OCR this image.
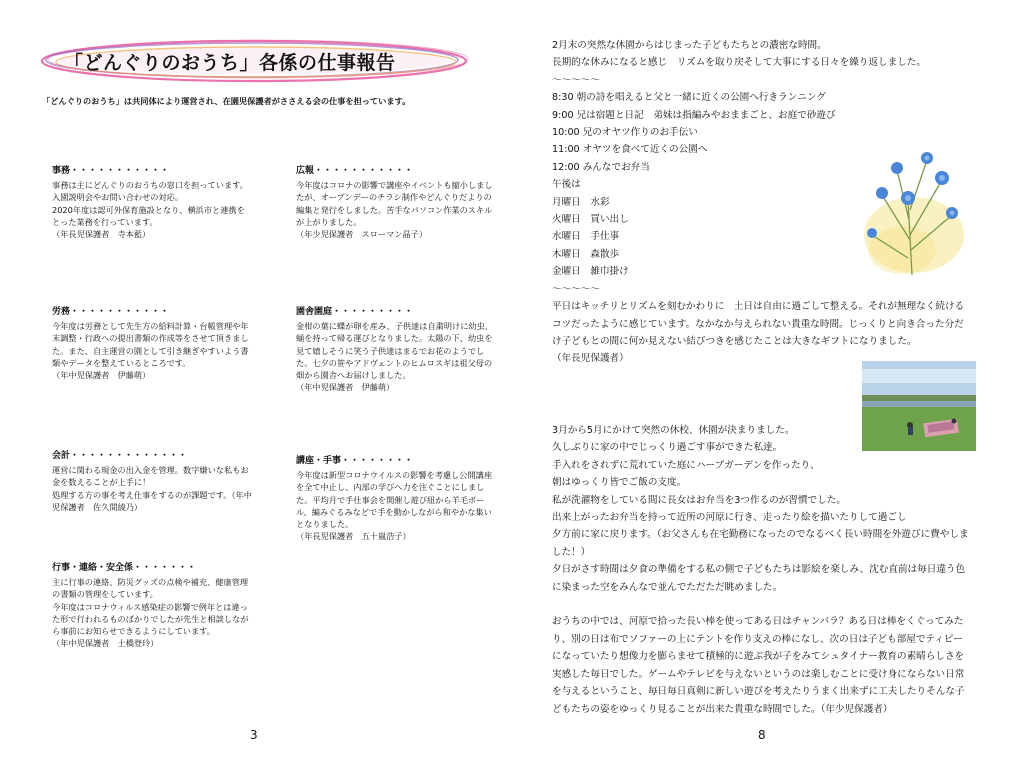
「どんぐりのおうち」各係の仕事報告
「どんぐりのおうち」は共同体により運営され、在園児保護者がささえる会の仕事を担っています。
事務・・・・・・・・・・・
事務は主にどんぐりのおうちの窓口を担っています。
入園説明会やお問い合わせの対応。
2020年度は認可外保育施設となり、横浜市と連携をとった業務を行っています。
（年長児保護者　寺本藍）
広報・・・・・・・・・・・
今年度はコロナの影響で講座やイベントも縮小しましたが、オープンデーのチラシ制作やどんぐりだよりの編集と発行をしました。苦手なパソコン作業のスキルが上がりました。
（年少児保護者　スローマン晶子）
労務・・・・・・・・・・・
今年度は労務として先生方の給料計算・台帳管理や年末調整・行政への提出書類の作成等をさせて頂きました。また、自主運営の園として引き継ぎやすいよう書類やデータを整えているところです。
（年中児保護者　伊藤萌）
園舎園庭・・・・・・・・・
金柑の葉に蝶が卵を産み、子供達は自粛明けに幼虫、蛹を持って帰る運びとなりました。太陽の下、幼虫を見て嬉しそうに笑う子供達はまるでお花のようでした。七夕の笹やアドヴェントのヒムロスギは祖父母の畑から園舎へお届けしました。
（年中児保護者　伊藤萌）
会計・・・・・・・・・・・・・
運営に関わる現金の出入金を管理。数字嫌いな私もお金を数えることが上手に！
処理する方の事を考え仕事をするのが課題です。（年中児保護者　佐久間綾乃）
講座・手事・・・・・・・・
今年度は新型コロナウイルスの影響を考慮し公開講座を全て中止し、内部の学びへ力を注ぐことにしました。平均月で手仕事会を開催し遊び紐から羊毛ボール、編みぐるみなどで手を動かしながら和やかな集いとなりました。
（年長児保護者　五十嵐浩子）
行事・連絡・安全係・・・・・・・
主に行事の連絡、防災グッズの点検や補充、健康管理の書類の管理をしています。
今年度はコロナウィルス感染症の影響で例年とは違った形で行われるものばかりでしたが先生と相談しながら事前にお知らせできるようにしています。
（年中児保護者　土橋登玲）
3
2月末の突然な休園からはじまった子どもたちとの濃密な時間。
長期的な休みになると感じ　リズムを取り戻そして大事にする日々を繰り返しました。
～～～～～
8:30 朝の詩を唱えると父と一緒に近くの公園へ行きランニング
9:00 兄は宿題と日記　弟妹は指編みやおままごと、お庭で砂遊び
10:00 兄のオヤツ作りのお手伝い
11:00 オヤツを食べて近くの公園へ
12:00 みんなでお弁当
午後は
月曜日　水彩
火曜日　買い出し
水曜日　手仕事
木曜日　森散歩
金曜日　雑巾掛け
～～～～～
平日はキッチリとリズムを刻むかわりに　土日は自由に過ごして整える。それが無理なく続けるコツだったように感じています。なかなか与えられない貴重な時間。じっくりと向き合った分だけ子どもとの間に何か見えない結びつきを感じたことは大きなギフトになりました。
（年長児保護者）
3月から5月にかけて突然の休校、休園が決まりました。
久しぶりに家の中でじっくり過ごす事ができた私達。
手入れをされずに荒れていた庭にハーブガーデンを作ったり、
朝はゆっくり皆でご飯の支度。
私が洗濯物をしている間に長女はお弁当を3つ作るのが習慣でした。
出来上がったお弁当を持って近所の河原に行き、走ったり絵を描いたりして過ごし
夕方前に家に戻ります。（お父さんも在宅勤務になったのでなるべく長い時間を外遊びに費やしました！）
夕日がさす時間は夕食の準備をする私の側で子どもたちは影絵を楽しみ、沈む直前は毎日違う色に染まった空をみんなで並んでただただ眺めました。

おうちの中では、河原で拾った長い棒を使ってある日はチャンバラ？ある日は棒をくぐってみたり、別の日は布でソファーの上にテントを作り支えの棒になし、次の日は子ども部屋でティピーになっていたり想像力を膨らませて積極的に遊ぶ我が子をみてシュタイナー教育の素晴らしさを実感した毎日でした。ゲームやテレビを与えないというのは楽しむことに受け身にならない日常を与えるということ、毎日毎日真剣に新しい遊びを考えたりうまく出来ずに工夫したりそんな子どもたちの姿をゆっくり見ることが出来た貴重な時間でした。（年少児保護者）
8
